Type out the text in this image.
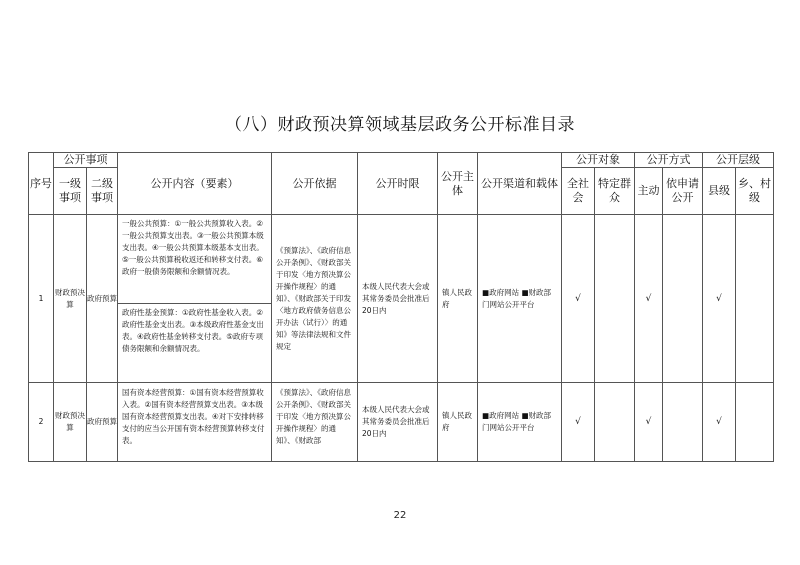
（八）财政预决算领域基层政务公开标准目录
序号	公开事项		公开内容（要素）	公开依据	公开时限	公开主体	公开渠道和载体	公开对象		公开方式		公开层级	
	一级事项	二级事项						全社会	特定群众	主动	依申请公开	县级	乡、村级
1	财政预决算	政府预算	一般公共预算：①一般公共预算收入表。②一般公共预算支出表。③一般公共预算本级支出表。④一般公共预算本级基本支出表。⑤一般公共预算税收返还和转移支付表。⑥政府一般债务限额和余额情况表。
政府性基金预算：①政府性基金收入表。②政府性基金支出表。③本级政府性基金支出表。④政府性基金转移支付表。⑤政府专项债务限额和余额情况表。	《预算法》、《政府信息公开条例》、《财政部关于印发〈地方预决算公开操作规程〉的通知》、《财政部关于印发〈地方政府债务信息公开办法（试行）〉的通知》等法律法规和文件规定	本级人民代表大会或其常务委员会批准后20日内	镇人民政府	■政府网站 ■财政部门网站公开平台	√		√		√	
2	财政预决算	政府预算	国有资本经营预算：①国有资本经营预算收入表。②国有资本经营预算支出表。③本级国有资本经营预算支出表。④对下安排转移支付的应当公开国有资本经营预算转移支付表。	《预算法》、《政府信息公开条例》、《财政部关于印发〈地方预决算公开操作规程〉的通知》、《财政部	本级人民代表大会或其常务委员会批准后20日内	镇人民政府	■政府网站 ■财政部门网站公开平台	√		√		√	
22
